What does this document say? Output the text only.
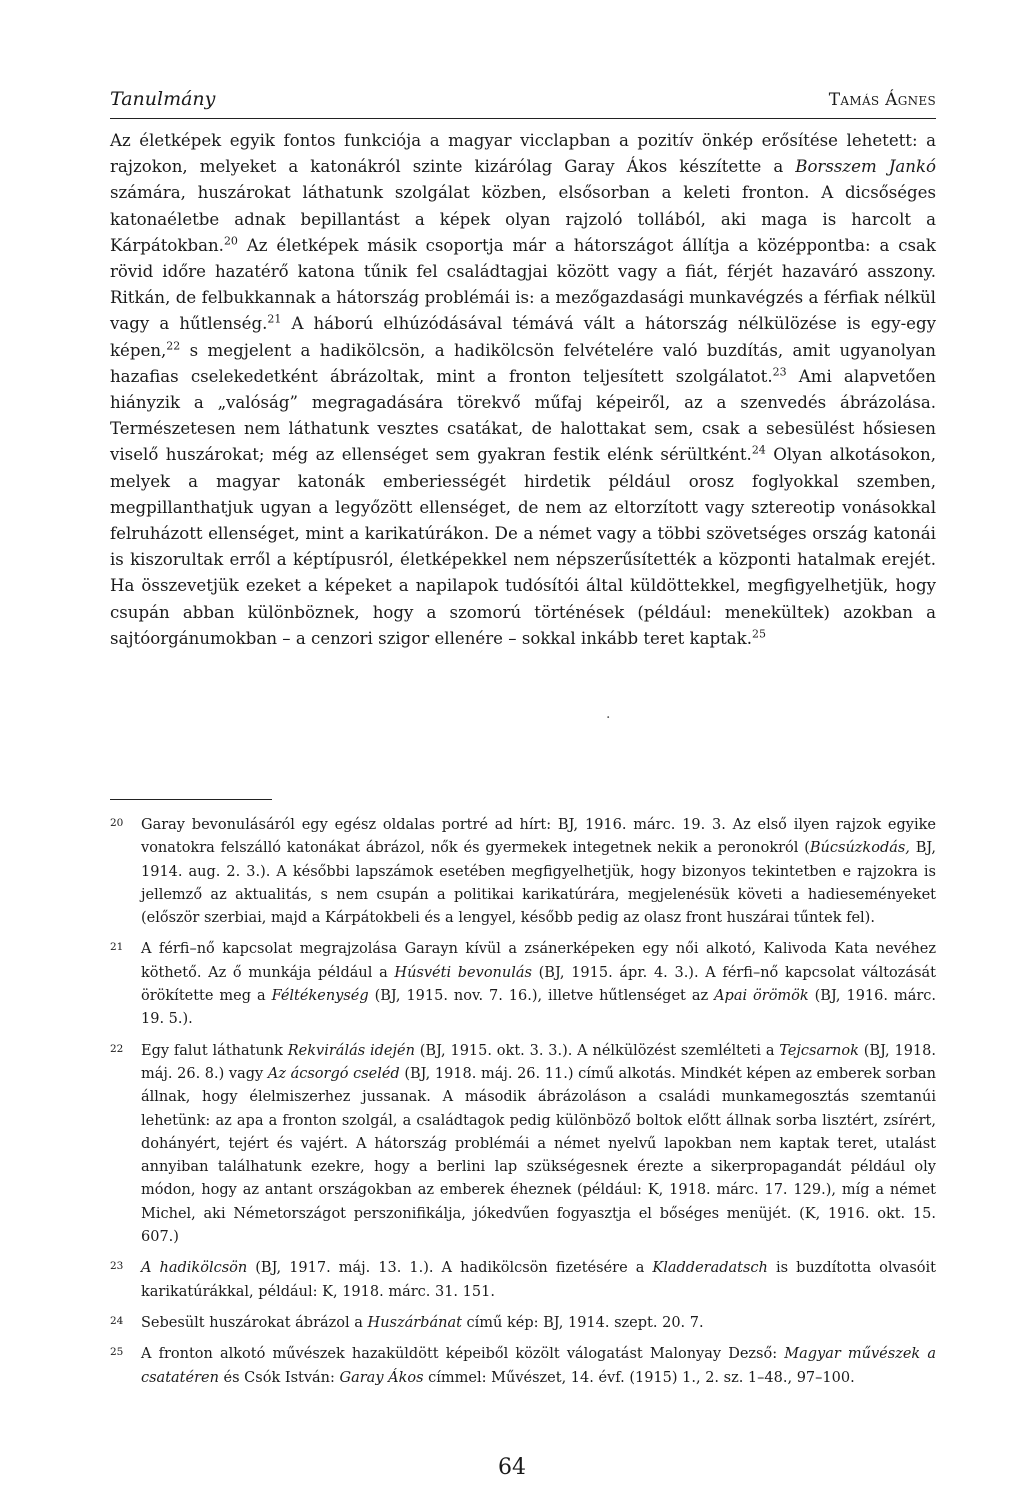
Tanulmány	Tamás Ágnes

Az életképek egyik fontos funkciója a magyar vicclapban a pozitív önkép erősítése lehetett: a rajzokon, melyeket a katonákról szinte kizárólag Garay Ákos készítette a Borsszem Jankó számára, huszárokat láthatunk szolgálat közben, elsősorban a keleti fronton. A dicsőséges katonaéletbe adnak bepillantást a képek olyan rajzoló tollából, aki maga is harcolt a Kárpátokban.$^{20}$ Az életképek másik csoportja már a hátországot állítja a középpontba: a csak rövid időre hazatérő katona tűnik fel családtagjai között vagy a fiát, férjét hazaváró asszony. Ritkán, de felbukkannak a hátország problémái is: a mezőgazdasági munkavégzés a férfiak nélkül vagy a hűtlenség.$^{21}$ A háború elhúzódásával témává vált a hátország nélkülözése is egy-egy képen,$^{22}$ s megjelent a hadikölcsön, a hadikölcsön felvételére való buzdítás, amit ugyanolyan hazafias cselekedetként ábrázoltak, mint a fronton teljesített szolgálatot.$^{23}$ Ami alapvetően hiányzik a „valóság” megragadására törekvő műfaj képeiről, az a szenvedés ábrázolása. Természetesen nem láthatunk vesztes csatákat, de halottakat sem, csak a sebesülést hősiesen viselő huszárokat; még az ellenséget sem gyakran festik elénk sérültként.$^{24}$ Olyan alkotásokon, melyek a magyar katonák emberiességét hirdetik például orosz foglyokkal szemben, megpillanthatjuk ugyan a legyőzött ellenséget, de nem az eltorzított vagy sztereotip vonásokkal felruházott ellenséget, mint a karikatúrákon. De a német vagy a többi szövetséges ország katonái is kiszorultak erről a képtípusról, életképekkel nem népszerűsítették a központi hatalmak erejét. Ha összevetjük ezeket a képeket a napilapok tudósítói által küldöttekkel, megfigyelhetjük, hogy csupán abban különböznek, hogy a szomorú történések (például: menekültek) azokban a sajtóorgánumokban – a cenzori szigor ellenére – sokkal inkább teret kaptak.$^{25}$

·

20 Garay bevonulásáról egy egész oldalas portré ad hírt: BJ, 1916. márc. 19. 3. Az első ilyen rajzok egyike vonatokra felszálló katonákat ábrázol, nők és gyermekek integetnek nekik a peronokról (Búcsúzkodás, BJ, 1914. aug. 2. 3.). A későbbi lapszámok esetében megfigyelhetjük, hogy bizonyos tekintetben e rajzokra is jellemző az aktualitás, s nem csupán a politikai karikatúrára, megjelenésük követi a hadieseményeket (először szerbiai, majd a Kárpátokbeli és a lengyel, később pedig az olasz front huszárai tűntek fel).

21 A férfi–nő kapcsolat megrajzolása Garayn kívül a zsánerképeken egy női alkotó, Kalivoda Kata nevéhez köthető. Az ő munkája például a Húsvéti bevonulás (BJ, 1915. ápr. 4. 3.). A férfi–nő kapcsolat változását örökítette meg a Féltékenység (BJ, 1915. nov. 7. 16.), illetve hűtlenséget az Apai örömök (BJ, 1916. márc. 19. 5.).

22 Egy falut láthatunk Rekvirálás idején (BJ, 1915. okt. 3. 3.). A nélkülözést szemlélteti a Tejcsarnok (BJ, 1918. máj. 26. 8.) vagy Az ácsorgó cseléd (BJ, 1918. máj. 26. 11.) című alkotás. Mindkét képen az emberek sorban állnak, hogy élelmiszerhez jussanak. A második ábrázoláson a családi munkamegosztás szemtanúi lehetünk: az apa a fronton szolgál, a családtagok pedig különböző boltok előtt állnak sorba lisztért, zsírért, dohányért, tejért és vajért. A hátország problémái a német nyelvű lapokban nem kaptak teret, utalást annyiban találhatunk ezekre, hogy a berlini lap szükségesnek érezte a sikerpropagandát például oly módon, hogy az antant országokban az emberek éheznek (például: K, 1918. márc. 17. 129.), míg a német Michel, aki Németországot perszonifikálja, jókedvűen fogyasztja el bőséges menüjét. (K, 1916. okt. 15. 607.)

23 A hadikölcsön (BJ, 1917. máj. 13. 1.). A hadikölcsön fizetésére a Kladderadatsch is buzdította olvasóit karikatúrákkal, például: K, 1918. márc. 31. 151.

24 Sebesült huszárokat ábrázol a Huszárbánat című kép: BJ, 1914. szept. 20. 7.

25 A fronton alkotó művészek hazaküldött képeiből közölt válogatást Malonyay Dezső: Magyar művészek a csatatéren és Csók István: Garay Ákos címmel: Művészet, 14. évf. (1915) 1., 2. sz. 1–48., 97–100.

64
